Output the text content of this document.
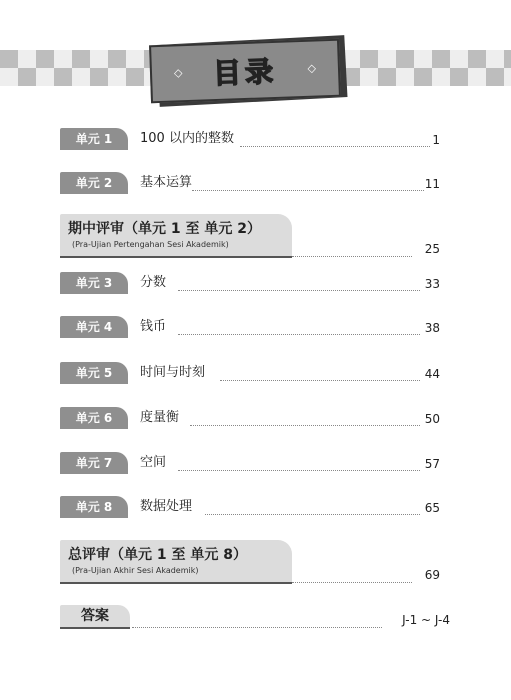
◇ 目录	◇
单元 1	100 以内的整数	1
单元 2	基本运算	11
期中评审（单元 1 至 单元 2）
(Pra-Ujian Pertengahan Sesi Akademik)	25
单元 3	分数	33
单元 4	钱币	38
单元 5	时间与时刻	44
单元 6	度量衡	50
单元 7	空间	57
单元 8	数据处理	65
总评审（单元 1 至 单元 8）
(Pra-Ujian Akhir Sesi Akademik)	69
答案	J-1 ~ J-4
